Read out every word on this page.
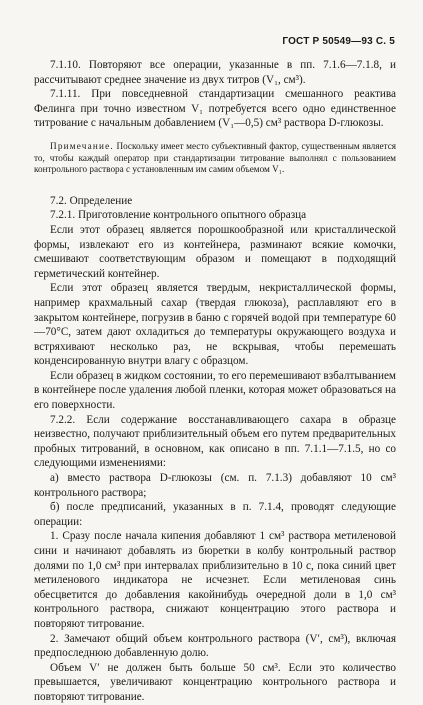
ГОСТ Р 50549—93 С. 5

7.1.10. Повторяют все операции, указанные в пп. 7.1.6—7.1.8, и рассчитывают среднее значение из двух титров (V₁, см³).

7.1.11. При повседневной стандартизации смешанного реактива Фелинга при точно известном V₁ потребуется всего одно единственное титрование с начальным добавлением (V₁—0,5) см³ раствора D-глюкозы.

Примечание. Поскольку имеет место субъективный фактор, существенным является то, чтобы каждый оператор при стандартизации титрование выполнял с пользованием контрольного раствора с установленным им самим объемом V₁.

7.2. Определение

7.2.1. Приготовление контрольного опытного образца

Если этот образец является порошкообразной или кристаллической формы, извлекают его из контейнера, разминают всякие комочки, смешивают соответствующим образом и помещают в подходящий герметический контейнер.

Если этот образец является твердым, некристаллической формы, например крахмальный сахар (твердая глюкоза), расплавляют его в закрытом контейнере, погрузив в баню с горячей водой при температуре 60—70°С, затем дают охладиться до температуры окружающего воздуха и встряхивают несколько раз, не вскрывая, чтобы перемешать конденсированную внутри влагу с образцом.

Если образец в жидком состоянии, то его перемешивают взбалтыванием в контейнере после удаления любой пленки, которая может образоваться на его поверхности.

7.2.2. Если содержание восстанавливающего сахара в образце неизвестно, получают приблизительный объем его путем предварительных пробных титрований, в основном, как описано в пп. 7.1.1—7.1.5, но со следующими изменениями:

а) вместо раствора D-глюкозы (см. п. 7.1.3) добавляют 10 см³ контрольного раствора;

б) после предписаний, указанных в п. 7.1.4, проводят следующие операции:

1. Сразу после начала кипения добавляют 1 см³ раствора метиленовой сини и начинают добавлять из бюретки в колбу контрольный раствор долями по 1,0 см³ при интервалах приблизительно в 10 с, пока синий цвет метиленового индикатора не исчезнет. Если метиленовая синь обесцветится до добавления какойнибудь очередной доли в 1,0 см³ контрольного раствора, снижают концентрацию этого раствора и повторяют титрование.

2. Замечают общий объем контрольного раствора (V′, см³), включая предпоследнюю добавленную долю.

Объем V′ не должен быть больше 50 см³. Если это количество превышается, увеличивают концентрацию контрольного раствора и повторяют титрование.
